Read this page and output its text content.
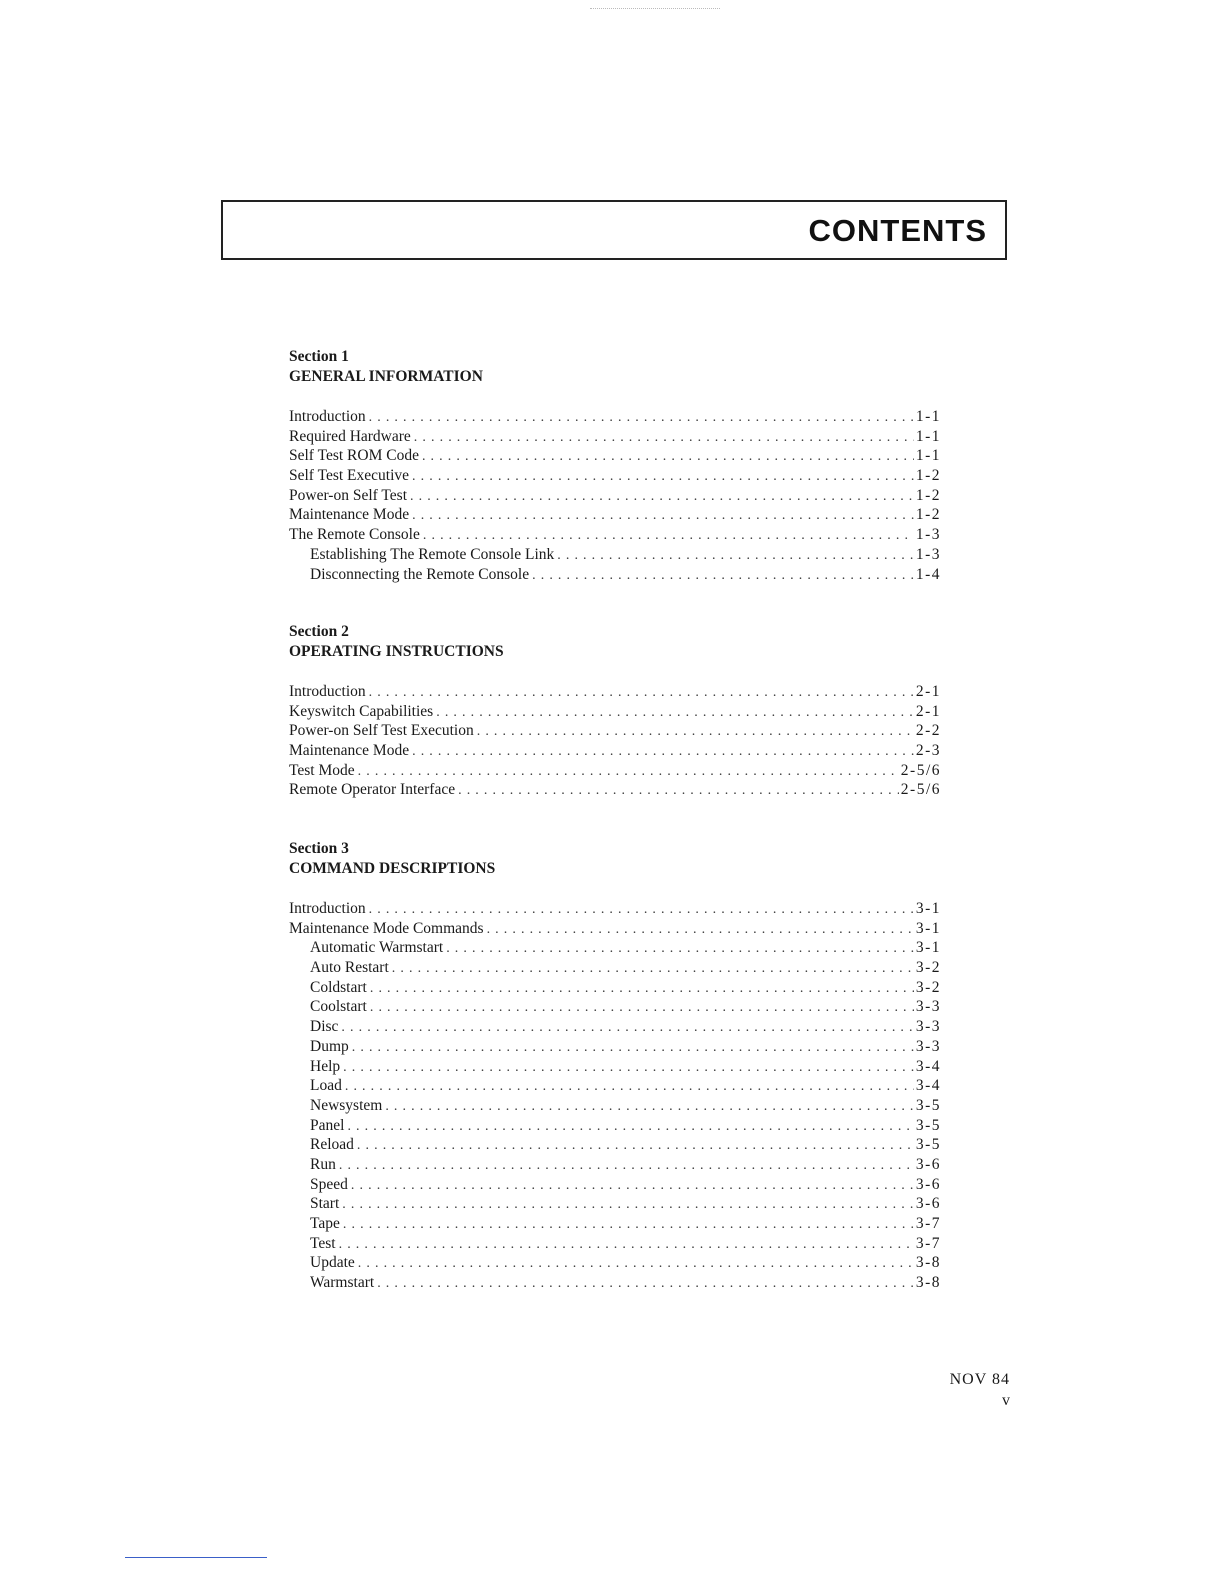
CONTENTS

Section 1

GENERAL INFORMATION

Introduction . . .	1-1
Required Hardware . . .	1-1
Self Test ROM Code . . .	1-1
Self Test Executive . . .	1-2
Power-on Self Test . . .	1-2
Maintenance Mode . . .	1-2
The Remote Console . . .	1-3
Establishing The Remote Console Link . . .	1-3
Disconnecting the Remote Console . . .	1-4

Section 2

OPERATING INSTRUCTIONS

Introduction . . .	2-1
Keyswitch Capabilities . . .	2-1
Power-on Self Test Execution . . .	2-2
Maintenance Mode . . .	2-3
Test Mode . . .	2-5/6
Remote Operator Interface . . .	2-5/6

Section 3

COMMAND DESCRIPTIONS

Introduction . . .	3-1
Maintenance Mode Commands . . .	3-1
Automatic Warmstart . . .	3-1
Auto Restart . . .	3-2
Coldstart . . .	3-2
Coolstart . . .	3-3
Disc . . .	3-3
Dump . . .	3-3
Help . . .	3-4
Load . . .	3-4
Newsystem . . .	3-5
Panel . . .	3-5
Reload . . .	3-5
Run . . .	3-6
Speed . . .	3-6
Start . . .	3-6
Tape . . .	3-7
Test . . .	3-7
Update . . .	3-8
Warmstart . . .	3-8
NOV 84
v
